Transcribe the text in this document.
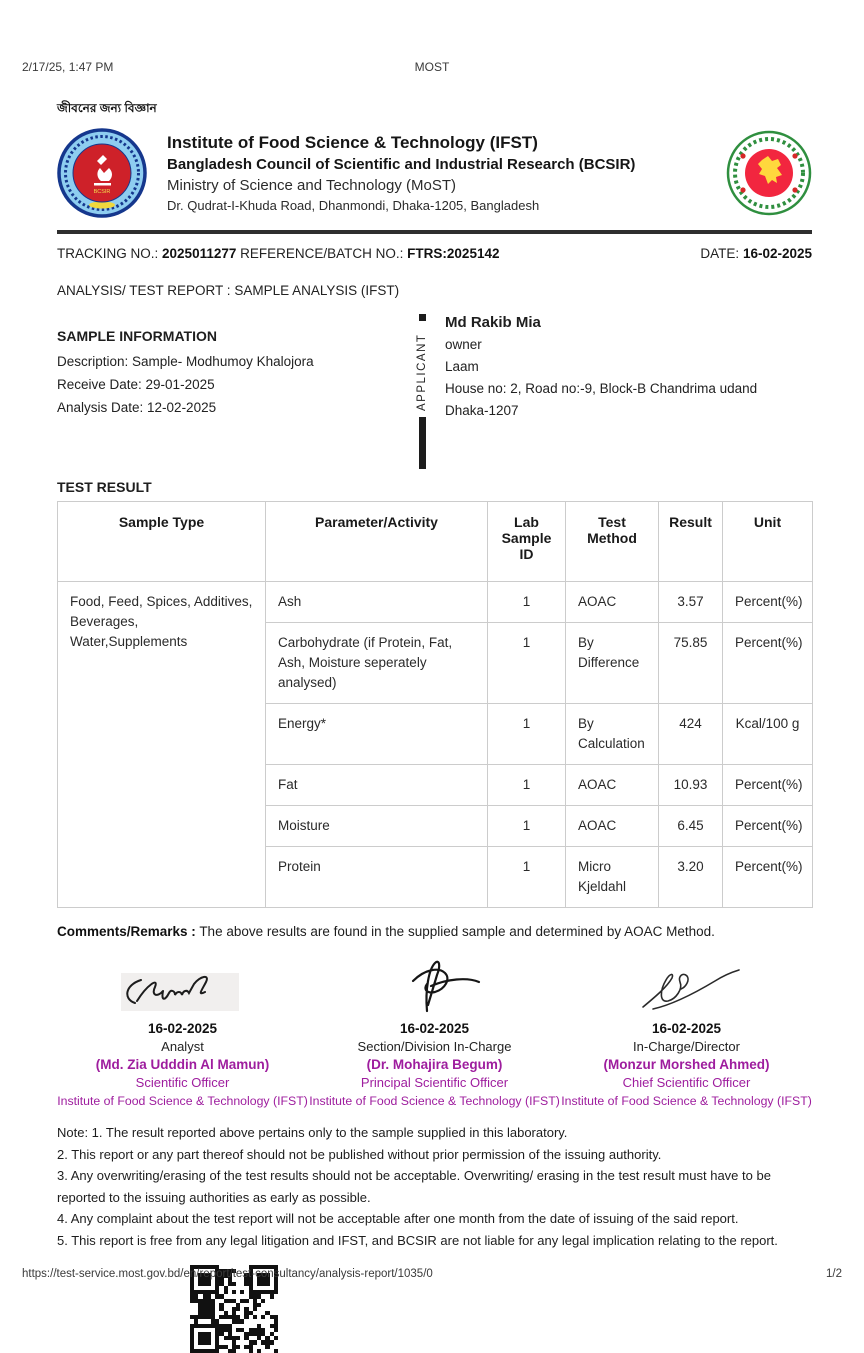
2/17/25, 1:47 PM	MOST
জীবনের জন্য বিজ্ঞান
BCSIR
Institute of Food Science & Technology (IFST)
Bangladesh Council of Scientific and Industrial Research (BCSIR)
Ministry of Science and Technology (MoST)
Dr. Qudrat-I-Khuda Road, Dhanmondi, Dhaka-1205, Bangladesh
TRACKING NO.: 2025011277 REFERENCE/BATCH NO.: FTRS:2025142	DATE: 16-02-2025
ANALYSIS/ TEST REPORT : SAMPLE ANALYSIS (IFST)
SAMPLE INFORMATION
Description: Sample- Modhumoy Khalojora
Receive Date: 29-01-2025
Analysis Date: 12-02-2025	APPLICANT
Md Rakib Mia
owner
Laam
House no: 2, Road no:-9, Block-B Chandrima udand
Dhaka-1207
TEST RESULT
Sample Type	Parameter/Activity	Lab Sample ID	Test Method	Result	Unit
Food, Feed, Spices, Additives, Beverages, Water,Supplements	Ash	1	AOAC	3.57	Percent(%)
	Carbohydrate (if Protein, Fat, Ash, Moisture seperately analysed)	1	By Difference	75.85	Percent(%)
	Energy*	1	By Calculation	424	Kcal/100 g
	Fat	1	AOAC	10.93	Percent(%)
	Moisture	1	AOAC	6.45	Percent(%)
	Protein	1	Micro Kjeldahl	3.20	Percent(%)
Comments/Remarks : The above results are found in the supplied sample and determined by AOAC Method.
16-02-2025
Analyst
(Md. Zia Udddin Al Mamun)
Scientific Officer
Institute of Food Science & Technology (IFST)
16-02-2025
Section/Division In-Charge
(Dr. Mohajira Begum)
Principal Scientific Officer
Institute of Food Science & Technology (IFST)
16-02-2025
In-Charge/Director
(Monzur Morshed Ahmed)
Chief Scientific Officer
Institute of Food Science & Technology (IFST)
Note: 1. The result reported above pertains only to the sample supplied in this laboratory.
2. This report or any part thereof should not be published without prior permission of the issuing authority.
3. Any overwriting/erasing of the test results should not be acceptable. Overwriting/ erasing in the test result must have to be reported to the issuing authorities as early as possible.
4. Any complaint about the test report will not be acceptable after one month from the date of issuing of the said report.
5. This report is free from any legal litigation and IFST, and BCSIR are not liable for any legal implication relating to the report.
https://test-service.most.gov.bd/en/report/test-consultancy/analysis-report/1035/0	1/2
